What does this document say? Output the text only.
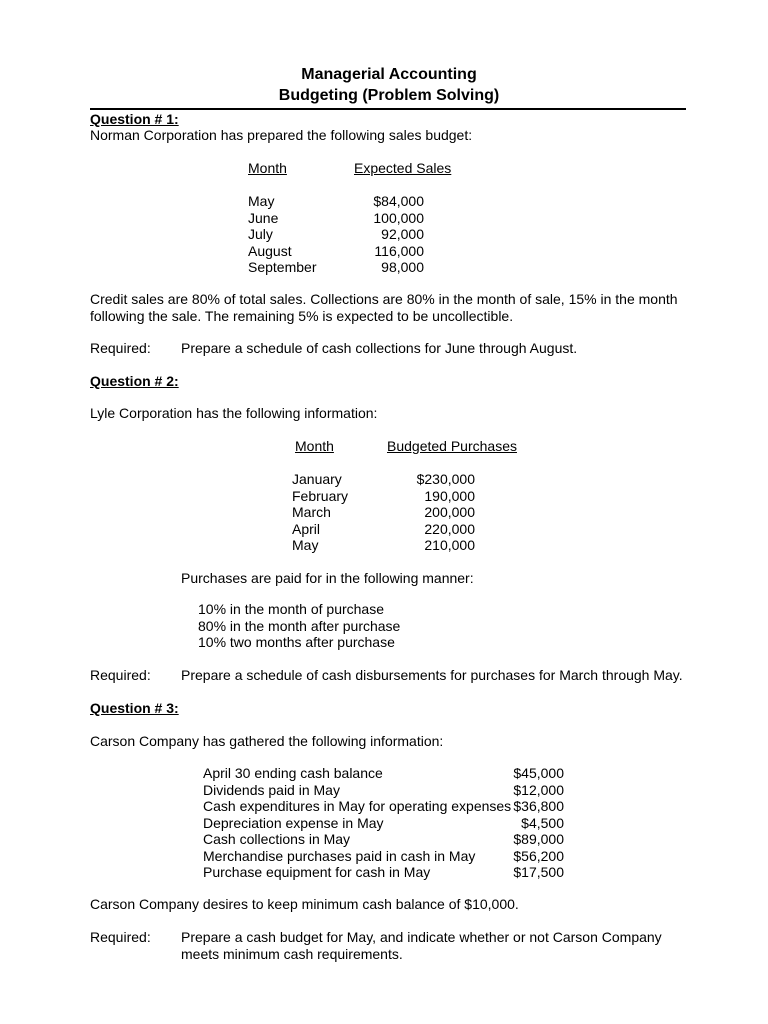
Managerial Accounting
Budgeting (Problem Solving)
Question # 1:
Norman Corporation has prepared the following sales budget:
Month	Expected Sales
May
June
July
August
September
$84,000
100,000
92,000
116,000
98,000
Credit sales are 80% of total sales. Collections are 80% in the month of sale, 15% in the month
following the sale. The remaining 5% is expected to be uncollectible.
Required: Prepare a schedule of cash collections for June through August.
Question # 2:
Lyle Corporation has the following information:
Month	Budgeted Purchases
January
February
March
April
May
$230,000
190,000
200,000
220,000
210,000
Purchases are paid for in the following manner:
10% in the month of purchase
80% in the month after purchase
10% two months after purchase
Required: Prepare a schedule of cash disbursements for purchases for March through May.
Question # 3:
Carson Company has gathered the following information:
April 30 ending cash balance
Dividends paid in May
Cash expenditures in May for operating expenses
Depreciation expense in May
Cash collections in May
Merchandise purchases paid in cash in May
Purchase equipment for cash in May
$45,000
$12,000
$36,800
$4,500
$89,000
$56,200
$17,500
Carson Company desires to keep minimum cash balance of $10,000.
Required: Prepare a cash budget for May, and indicate whether or not Carson Company
meets minimum cash requirements.
